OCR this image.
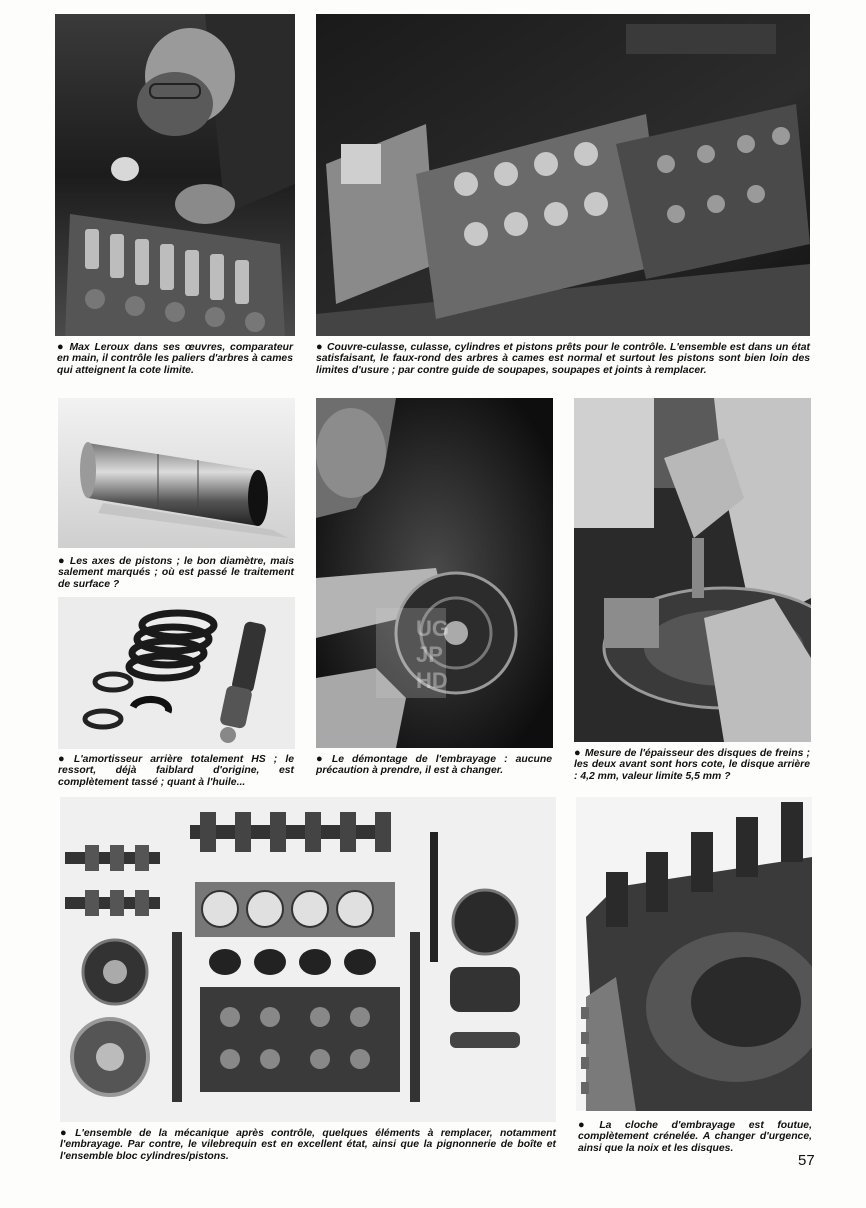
● Max Leroux dans ses œuvres, comparateur en main, il contrôle les paliers d'arbres à cames qui atteignent la cote limite.

● Couvre-culasse, culasse, cylindres et pistons prêts pour le contrôle. L'ensemble est dans un état satisfaisant, le faux-rond des arbres à cames est normal et surtout les pistons sont bien loin des limites d'usure ; par contre guide de soupapes, soupapes et joints à remplacer.

● Les axes de pistons ; le bon diamètre, mais salement marqués ; où est passé le traitement de surface ?

● L'amortisseur arrière totalement HS ; le ressort, déjà faiblard d'origine, est complètement tassé ; quant à l'huile...

UG
JP
HD

● Le démontage de l'embrayage : aucune précaution à prendre, il est à changer.

● Mesure de l'épaisseur des disques de freins ; les deux avant sont hors cote, le disque arrière : 4,2 mm, valeur limite 5,5 mm ?

● L'ensemble de la mécanique après contrôle, quelques éléments à remplacer, notamment l'embrayage. Par contre, le vilebrequin est en excellent état, ainsi que la pignonnerie de boîte et l'ensemble bloc cylindres/pistons.

● La cloche d'embrayage est foutue, complètement crénelée. A changer d'urgence, ainsi que la noix et les disques.

57
